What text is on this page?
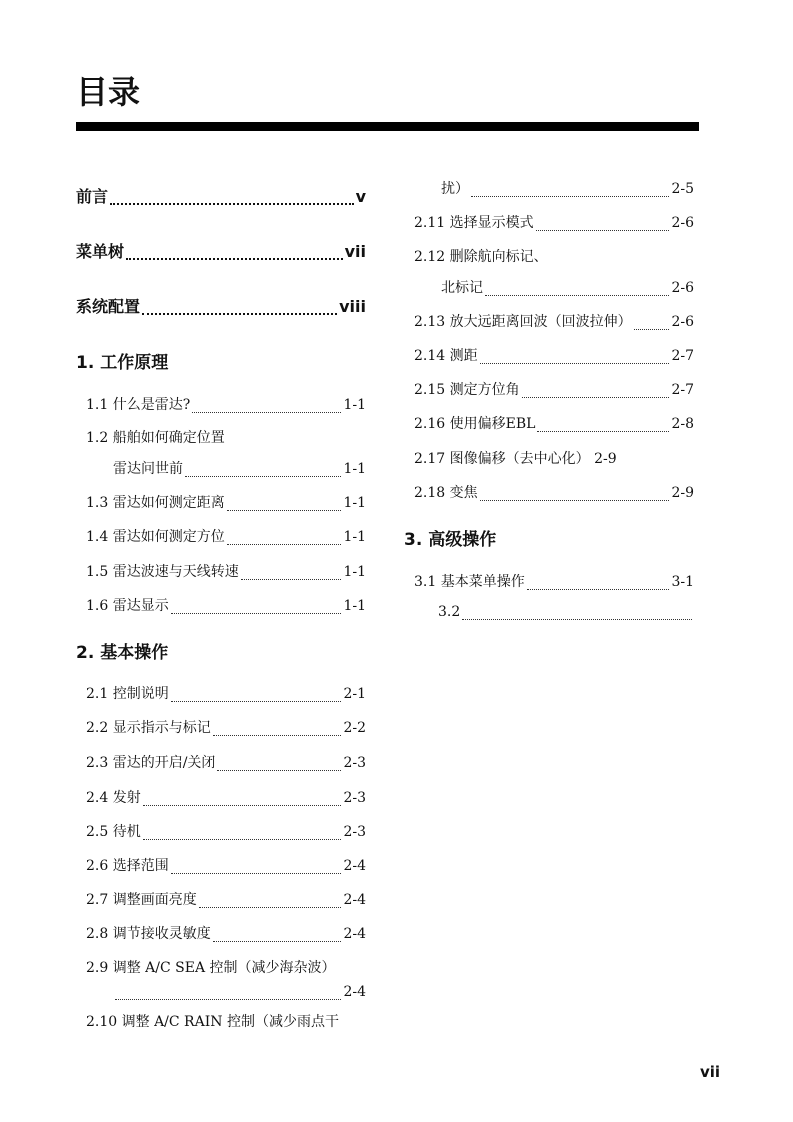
目录
前言	v
菜单树	vii
系统配置	viii
1. 工作原理
1.1 什么是雷达?	1-1
1.2 船舶如何确定位置
雷达问世前	1-1
1.3 雷达如何测定距离	1-1
1.4 雷达如何测定方位	1-1
1.5 雷达波速与天线转速	1-1
1.6 雷达显示	1-1
2. 基本操作
2.1 控制说明	2-1
2.2 显示指示与标记	2-2
2.3 雷达的开启/关闭	2-3
2.4 发射	2-3
2.5 待机	2-3
2.6 选择范围	2-4
2.7 调整画面亮度	2-4
2.8 调节接收灵敏度	2-4
2.9 调整 A/C SEA 控制（减少海杂波）
2-4
2.10 调整 A/C RAIN 控制（减少雨点干
扰）	2-5
2.11 选择显示模式	2-6
2.12 删除航向标记、
北标记	2-6
2.13 放大远距离回波（回波拉伸）	2-6
2.14 测距	2-7
2.15 测定方位角	2-7
2.16 使用偏移EBL	2-8
2.17 图像偏移（去中心化） 2-9
2.18 变焦	2-9
3. 高级操作
3.1 基本菜单操作	3-1
3.2
vii
